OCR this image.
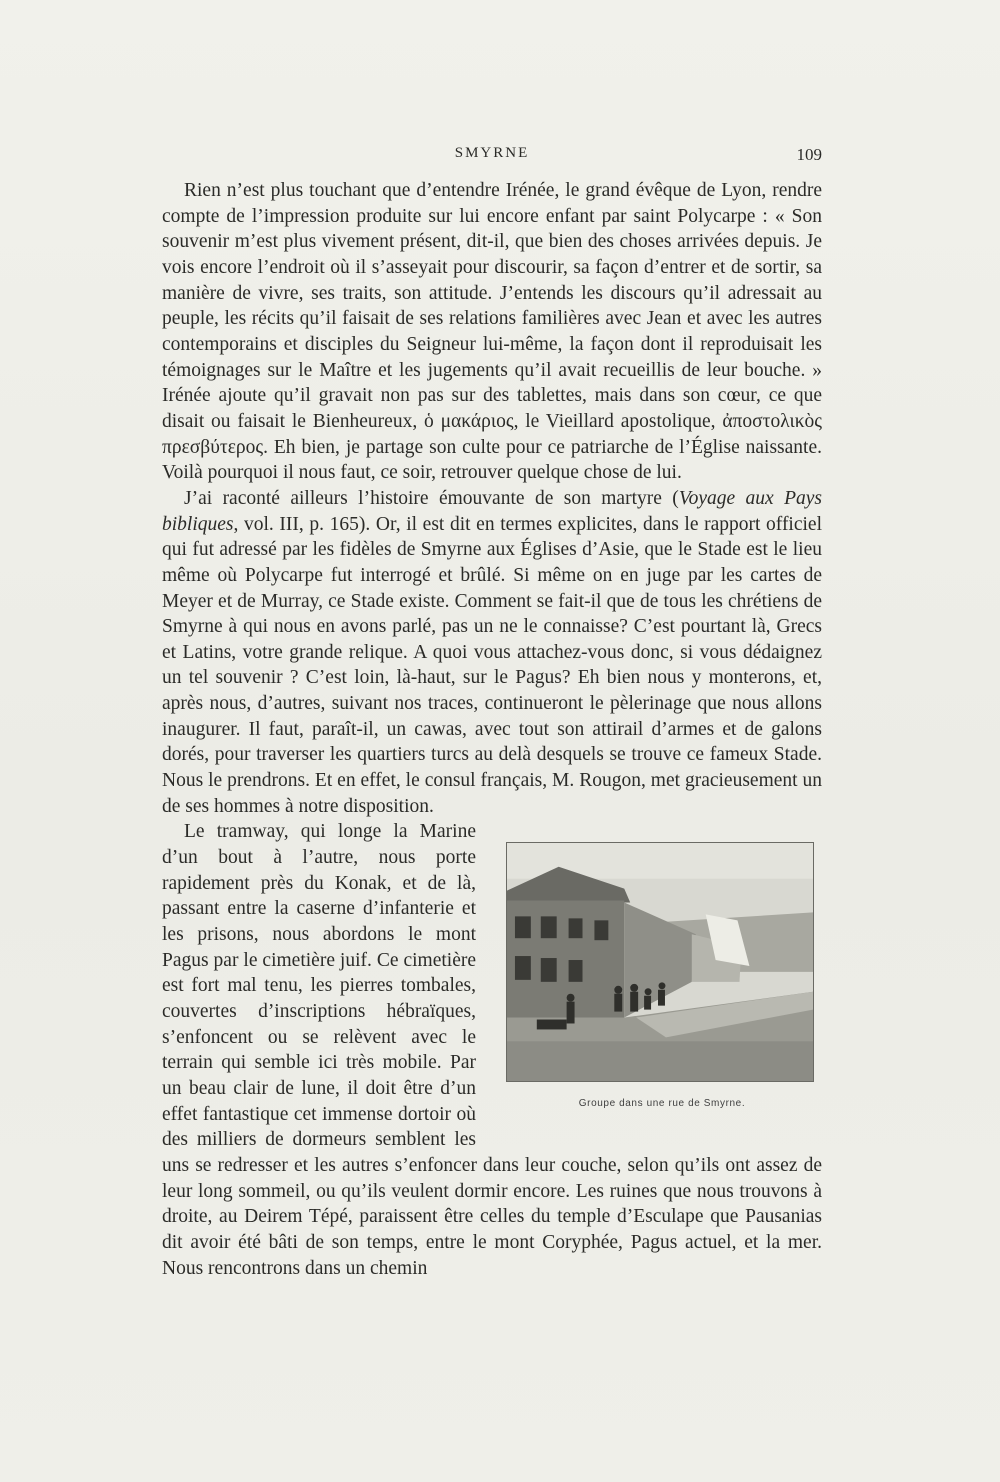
SMYRNE	109

Rien n’est plus touchant que d’entendre Irénée, le grand évêque de Lyon, rendre compte de l’impression produite sur lui encore enfant par saint Polycarpe : « Son souvenir m’est plus vivement présent, dit-il, que bien des choses arrivées depuis. Je vois encore l’endroit où il s’asseyait pour discourir, sa façon d’entrer et de sortir, sa manière de vivre, ses traits, son attitude. J’entends les discours qu’il adressait au peuple, les récits qu’il faisait de ses relations familières avec Jean et avec les autres contemporains et disciples du Seigneur lui-même, la façon dont il reproduisait les témoignages sur le Maître et les jugements qu’il avait recueillis de leur bouche. » Irénée ajoute qu’il gravait non pas sur des tablettes, mais dans son cœur, ce que disait ou faisait le Bienheureux, ὁ μακάριος, le Vieillard apostolique, ἀποστολικὸς πρεσβύτερος. Eh bien, je partage son culte pour ce patriarche de l’Église naissante. Voilà pourquoi il nous faut, ce soir, retrouver quelque chose de lui.

J’ai raconté ailleurs l’histoire émouvante de son martyre (Voyage aux Pays bibliques, vol. III, p. 165). Or, il est dit en termes explicites, dans le rapport officiel qui fut adressé par les fidèles de Smyrne aux Églises d’Asie, que le Stade est le lieu même où Polycarpe fut interrogé et brûlé. Si même on en juge par les cartes de Meyer et de Murray, ce Stade existe. Comment se fait-il que de tous les chrétiens de Smyrne à qui nous en avons parlé, pas un ne le connaisse? C’est pourtant là, Grecs et Latins, votre grande relique. A quoi vous attachez-vous donc, si vous dédaignez un tel souvenir ? C’est loin, là-haut, sur le Pagus? Eh bien nous y monterons, et, après nous, d’autres, suivant nos traces, continueront le pèlerinage que nous allons inaugurer. Il faut, paraît-il, un cawas, avec tout son attirail d’armes et de galons dorés, pour traverser les quartiers turcs au delà desquels se trouve ce fameux Stade. Nous le prendrons. Et en effet, le consul français, M. Rougon, met gracieusement un de ses hommes à notre disposition.

Groupe dans une rue de Smyrne.

Le tramway, qui longe la Marine d’un bout à l’autre, nous porte rapidement près du Konak, et de là, passant entre la caserne d’infanterie et les prisons, nous abordons le mont Pagus par le cimetière juif. Ce cimetière est fort mal tenu, les pierres tombales, couvertes d’inscriptions hébraïques, s’enfoncent ou se relèvent avec le terrain qui semble ici très mobile. Par un beau clair de lune, il doit être d’un effet fantastique cet immense dortoir où des milliers de dormeurs semblent les uns se redresser et les autres s’enfoncer dans leur couche, selon qu’ils ont assez de leur long sommeil, ou qu’ils veulent dormir encore. Les ruines que nous trouvons à droite, au Deirem Tépé, paraissent être celles du temple d’Esculape que Pausanias dit avoir été bâti de son temps, entre le mont Coryphée, Pagus actuel, et la mer. Nous rencontrons dans un chemin
